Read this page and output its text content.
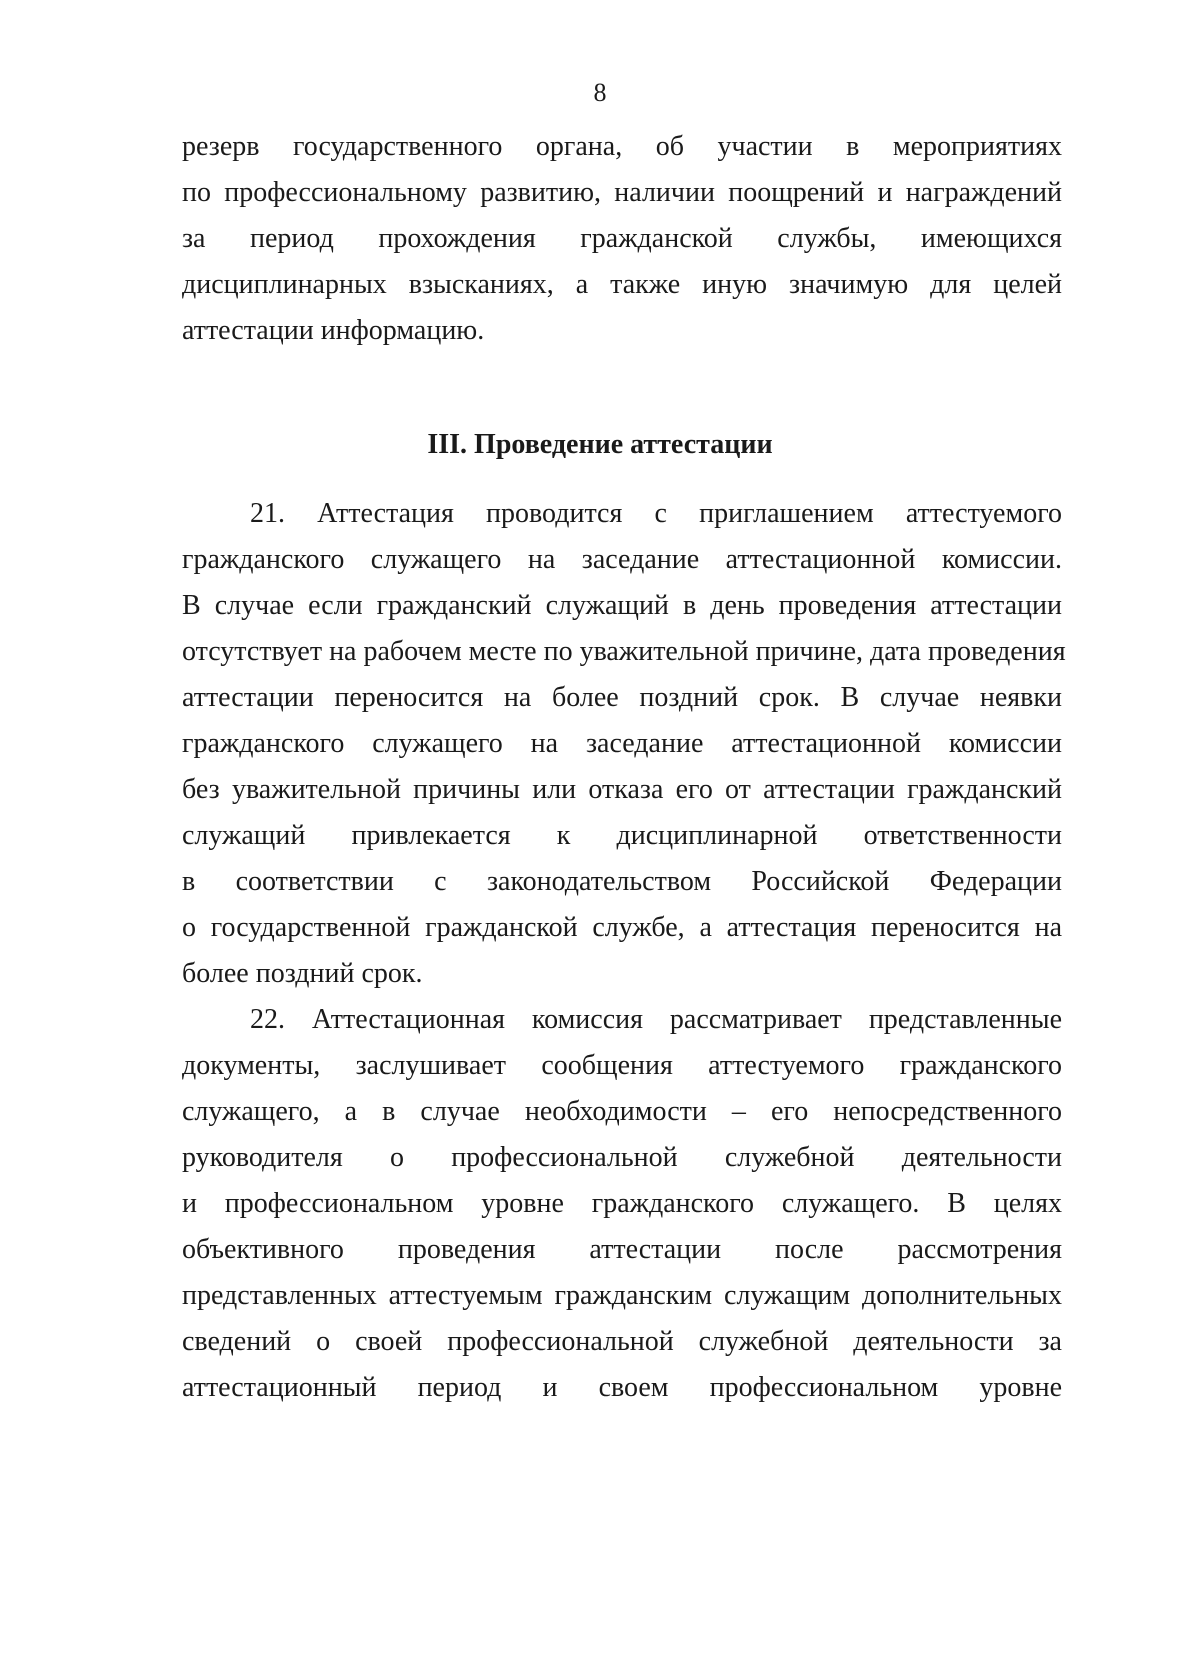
8
резерв государственного органа, об участии в мероприятиях
по профессиональному развитию, наличии поощрений и награждений
за период прохождения гражданской службы, имеющихся
дисциплинарных взысканиях, а также иную значимую для целей
аттестации информацию.
III. Проведение аттестации
21. Аттестация проводится с приглашением аттестуемого
гражданского служащего на заседание аттестационной комиссии.
В случае если гражданский служащий в день проведения аттестации
отсутствует на рабочем месте по уважительной причине, дата проведения
аттестации переносится на более поздний срок. В случае неявки
гражданского служащего на заседание аттестационной комиссии
без уважительной причины или отказа его от аттестации гражданский
служащий привлекается к дисциплинарной ответственности
в соответствии с законодательством Российской Федерации
о государственной гражданской службе, а аттестация переносится на
более поздний срок.
22. Аттестационная комиссия рассматривает представленные
документы, заслушивает сообщения аттестуемого гражданского
служащего, а в случае необходимости – его непосредственного
руководителя о профессиональной служебной деятельности
и профессиональном уровне гражданского служащего. В целях
объективного проведения аттестации после рассмотрения
представленных аттестуемым гражданским служащим дополнительных
сведений о своей профессиональной служебной деятельности за
аттестационный период и своем профессиональном уровне
